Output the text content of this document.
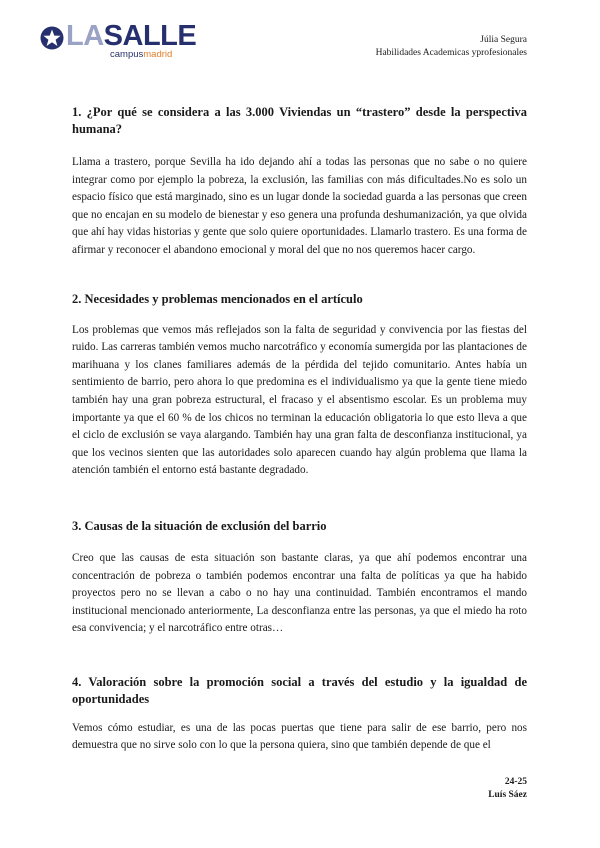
LASALLE
campusmadrid
Júlia Segura
Habilidades Academicas yprofesionales
1. ¿Por qué se considera a las 3.000 Viviendas un “trastero” desde la perspectiva humana?

Llama a trastero, porque Sevilla ha ido dejando ahí a todas las personas que no sabe o no quiere integrar como por ejemplo la pobreza, la exclusión, las familias con más dificultades.No es solo un espacio físico que está marginado, sino es un lugar donde la sociedad guarda a las personas que creen que no encajan en su modelo de bienestar y eso genera una profunda deshumanización, ya que olvida que ahí hay vidas historias y gente que solo quiere oportunidades. Llamarlo trastero. Es una forma de afirmar y reconocer el abandono emocional y moral del que no nos queremos hacer cargo.

2. Necesidades y problemas mencionados en el artículo

Los problemas que vemos más reflejados son la falta de seguridad y convivencia por las fiestas del ruido. Las carreras también vemos mucho narcotráfico y economía sumergida por las plantaciones de marihuana y los clanes familiares además de la pérdida del tejido comunitario. Antes había un sentimiento de barrio, pero ahora lo que predomina es el individualismo ya que la gente tiene miedo también hay una gran pobreza estructural, el fracaso y el absentismo escolar. Es un problema muy importante ya que el 60 % de los chicos no terminan la educación obligatoria lo que esto lleva a que el ciclo de exclusión se vaya alargando. También hay una gran falta de desconfianza institucional, ya que los vecinos sienten que las autoridades solo aparecen cuando hay algún problema que llama la atención también el entorno está bastante degradado.

3. Causas de la situación de exclusión del barrio

Creo que las causas de esta situación son bastante claras, ya que ahí podemos encontrar una concentración de pobreza o también podemos encontrar una falta de políticas ya que ha habido proyectos pero no se llevan a cabo o no hay una continuidad. También encontramos el mando institucional mencionado anteriormente, La desconfianza entre las personas, ya que el miedo ha roto esa convivencia; y el narcotráfico entre otras…

4. Valoración sobre la promoción social a través del estudio y la igualdad de oportunidades

Vemos cómo estudiar, es una de las pocas puertas que tiene para salir de ese barrio, pero nos demuestra que no sirve solo con lo que la persona quiera, sino que también depende de que el

24-25
Luís Sáez
